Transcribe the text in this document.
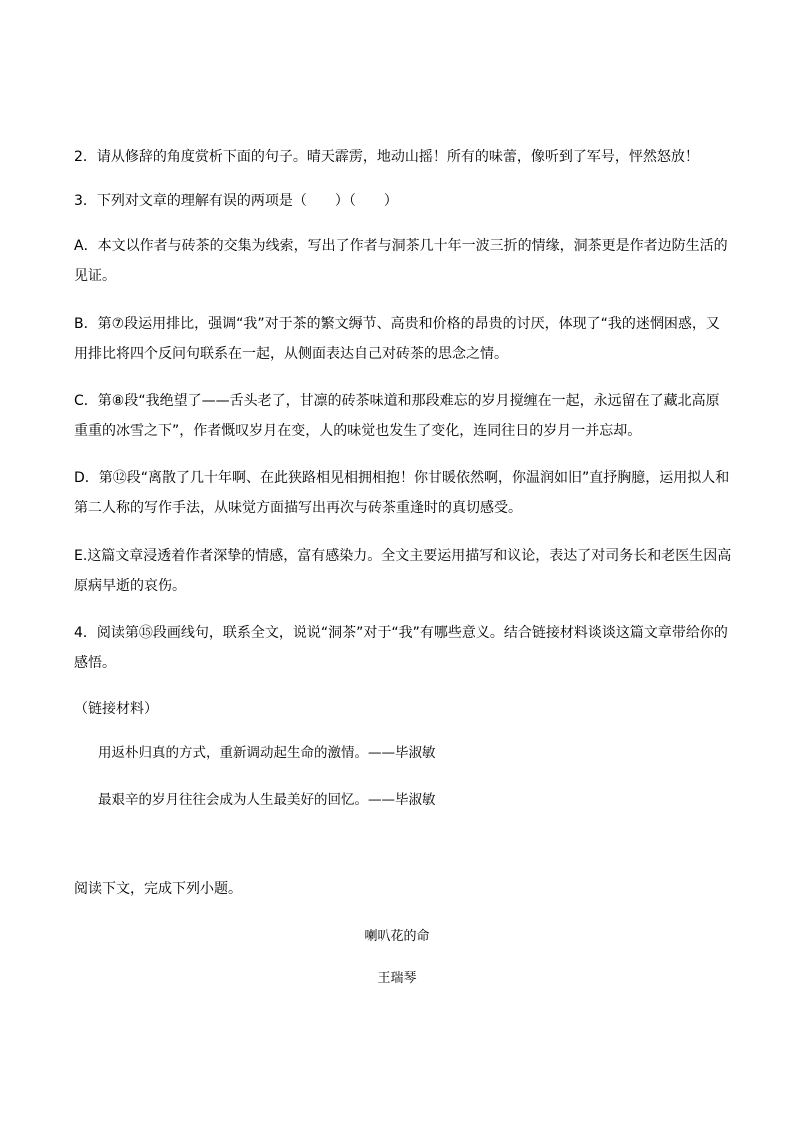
2．请从修辞的角度赏析下面的句子。晴天霹雳，地动山摇！所有的味蕾，像听到了军号，怦然怒放！
3．下列对文章的理解有误的两项是（　　）（　　）
A．本文以作者与砖茶的交集为线索，写出了作者与洞茶几十年一波三折的情缘，洞茶更是作者边防生活的
见证。
B．第⑦段运用排比，强调“我”对于茶的繁文缛节、高贵和价格的昂贵的讨厌，体现了“我的迷惘困惑，又
用排比将四个反问句联系在一起，从侧面表达自己对砖茶的思念之情。
C．第⑧段“我绝望了——舌头老了，甘凛的砖茶味道和那段难忘的岁月搅缠在一起，永远留在了藏北高原
重重的冰雪之下”，作者慨叹岁月在变，人的味觉也发生了变化，连同往日的岁月一并忘却。
D．第⑫段“离散了几十年啊、在此狭路相见相拥相抱！你甘暖依然啊，你温润如旧”直抒胸臆，运用拟人和
第二人称的写作手法，从味觉方面描写出再次与砖茶重逢时的真切感受。
E.这篇文章浸透着作者深挚的情感，富有感染力。全文主要运用描写和议论，表达了对司务长和老医生因高
原病早逝的哀伤。
4．阅读第⑮段画线句，联系全文，说说“洞茶”对于“我”有哪些意义。结合链接材料谈谈这篇文章带给你的
感悟。
（链接材料）
用返朴归真的方式，重新调动起生命的激情。——毕淑敏
最艰辛的岁月往往会成为人生最美好的回忆。——毕淑敏
阅读下文，完成下列小题。
喇叭花的命
王瑞琴
